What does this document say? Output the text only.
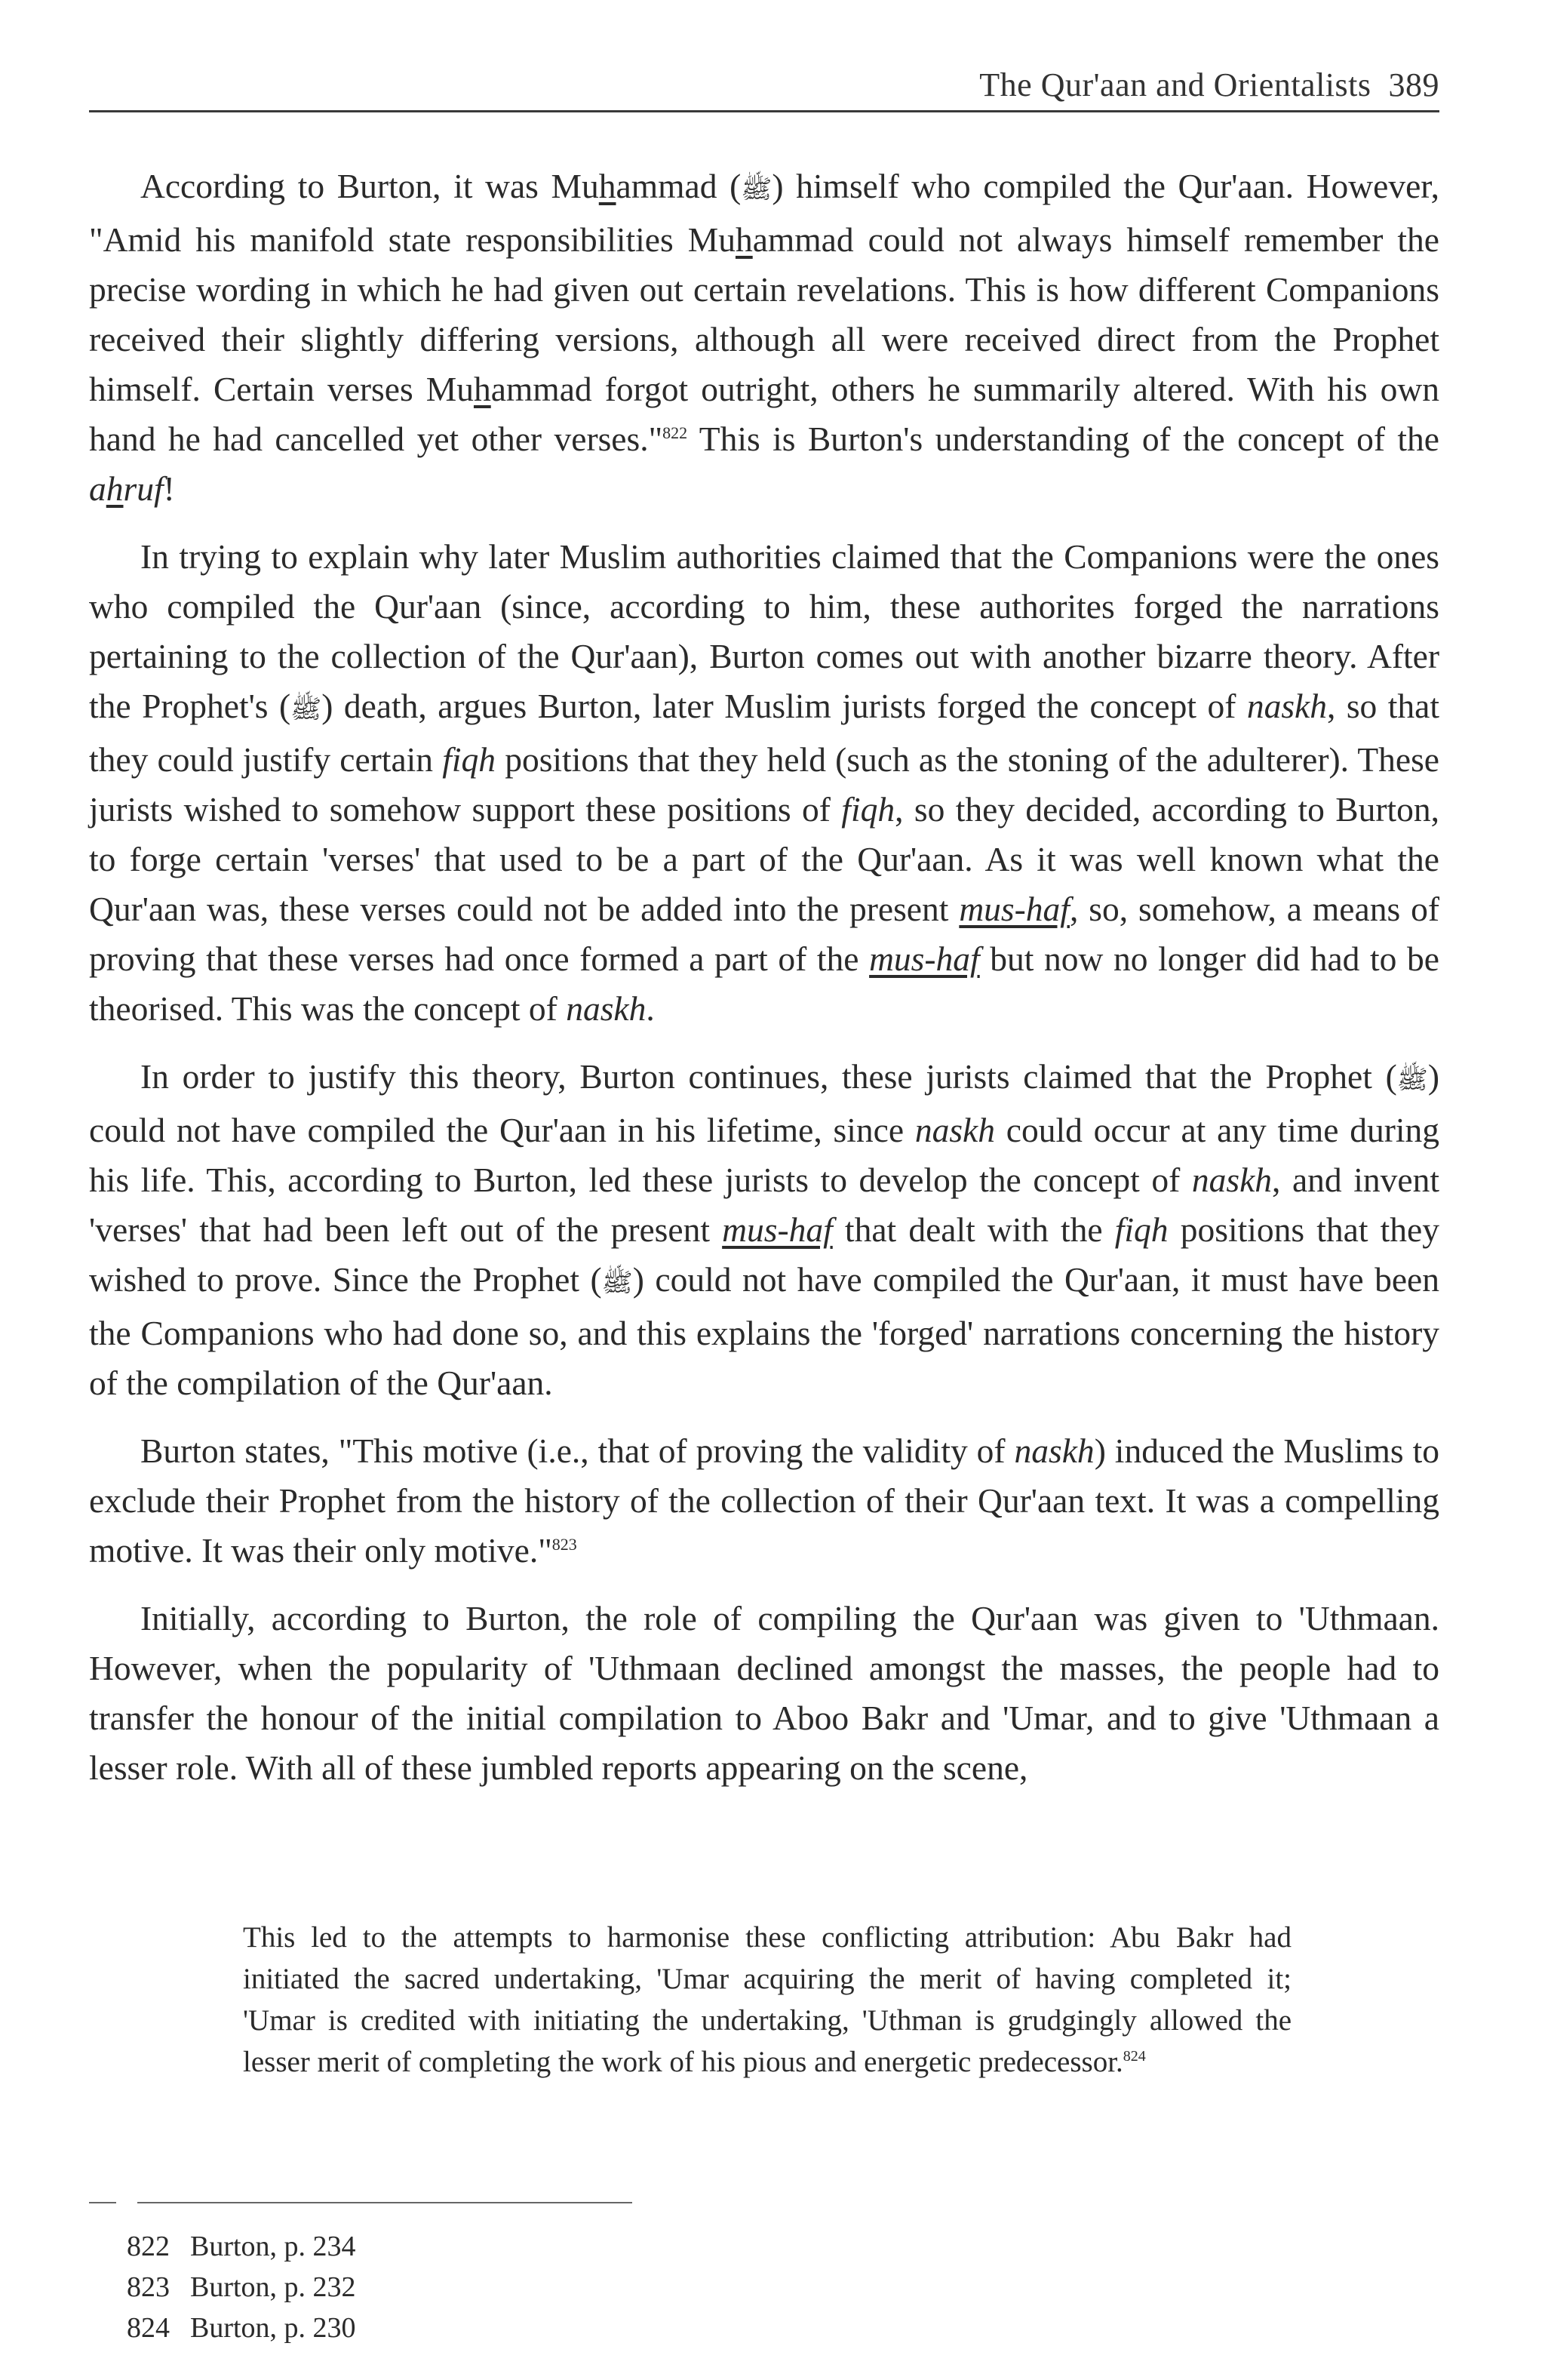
The Qur'aan and Orientalists 389

According to Burton, it was Muhammad (ﷺ) himself who compiled the Qur'aan. However, "Amid his manifold state responsibilities Muhammad could not always himself remember the precise wording in which he had given out certain revelations. This is how different Companions received their slightly differing versions, although all were received direct from the Prophet himself. Certain verses Muhammad forgot outright, others he summarily altered. With his own hand he had cancelled yet other verses."$^{822}$ This is Burton's understanding of the concept of the ahruf!

In trying to explain why later Muslim authorities claimed that the Companions were the ones who compiled the Qur'aan (since, according to him, these authorites forged the narrations pertaining to the collection of the Qur'aan), Burton comes out with another bizarre theory. After the Prophet's (ﷺ) death, argues Burton, later Muslim jurists forged the concept of naskh, so that they could justify certain fiqh positions that they held (such as the stoning of the adulterer). These jurists wished to somehow support these positions of fiqh, so they decided, according to Burton, to forge certain 'verses' that used to be a part of the Qur'aan. As it was well known what the Qur'aan was, these verses could not be added into the present mus-haf, so, somehow, a means of proving that these verses had once formed a part of the mus-haf but now no longer did had to be theorised. This was the concept of naskh.

In order to justify this theory, Burton continues, these jurists claimed that the Prophet (ﷺ) could not have compiled the Qur'aan in his lifetime, since naskh could occur at any time during his life. This, according to Burton, led these jurists to develop the concept of naskh, and invent 'verses' that had been left out of the present mus-haf that dealt with the fiqh positions that they wished to prove. Since the Prophet (ﷺ) could not have compiled the Qur'aan, it must have been the Companions who had done so, and this explains the 'forged' narrations concerning the history of the compilation of the Qur'aan.

Burton states, "This motive (i.e., that of proving the validity of naskh) induced the Muslims to exclude their Prophet from the history of the collection of their Qur'aan text. It was a compelling motive. It was their only motive."$^{823}$

Initially, according to Burton, the role of compiling the Qur'aan was given to 'Uthmaan. However, when the popularity of 'Uthmaan declined amongst the masses, the people had to transfer the honour of the initial compilation to Aboo Bakr and 'Umar, and to give 'Uthmaan a lesser role. With all of these jumbled reports appearing on the scene,

This led to the attempts to harmonise these conflicting attribution: Abu Bakr had initiated the sacred undertaking, 'Umar acquiring the merit of having completed it; 'Umar is credited with initiating the undertaking, 'Uthman is grudgingly allowed the lesser merit of completing the work of his pious and energetic predecessor.$^{824}$
822 Burton, p. 234
823 Burton, p. 232
824 Burton, p. 230
